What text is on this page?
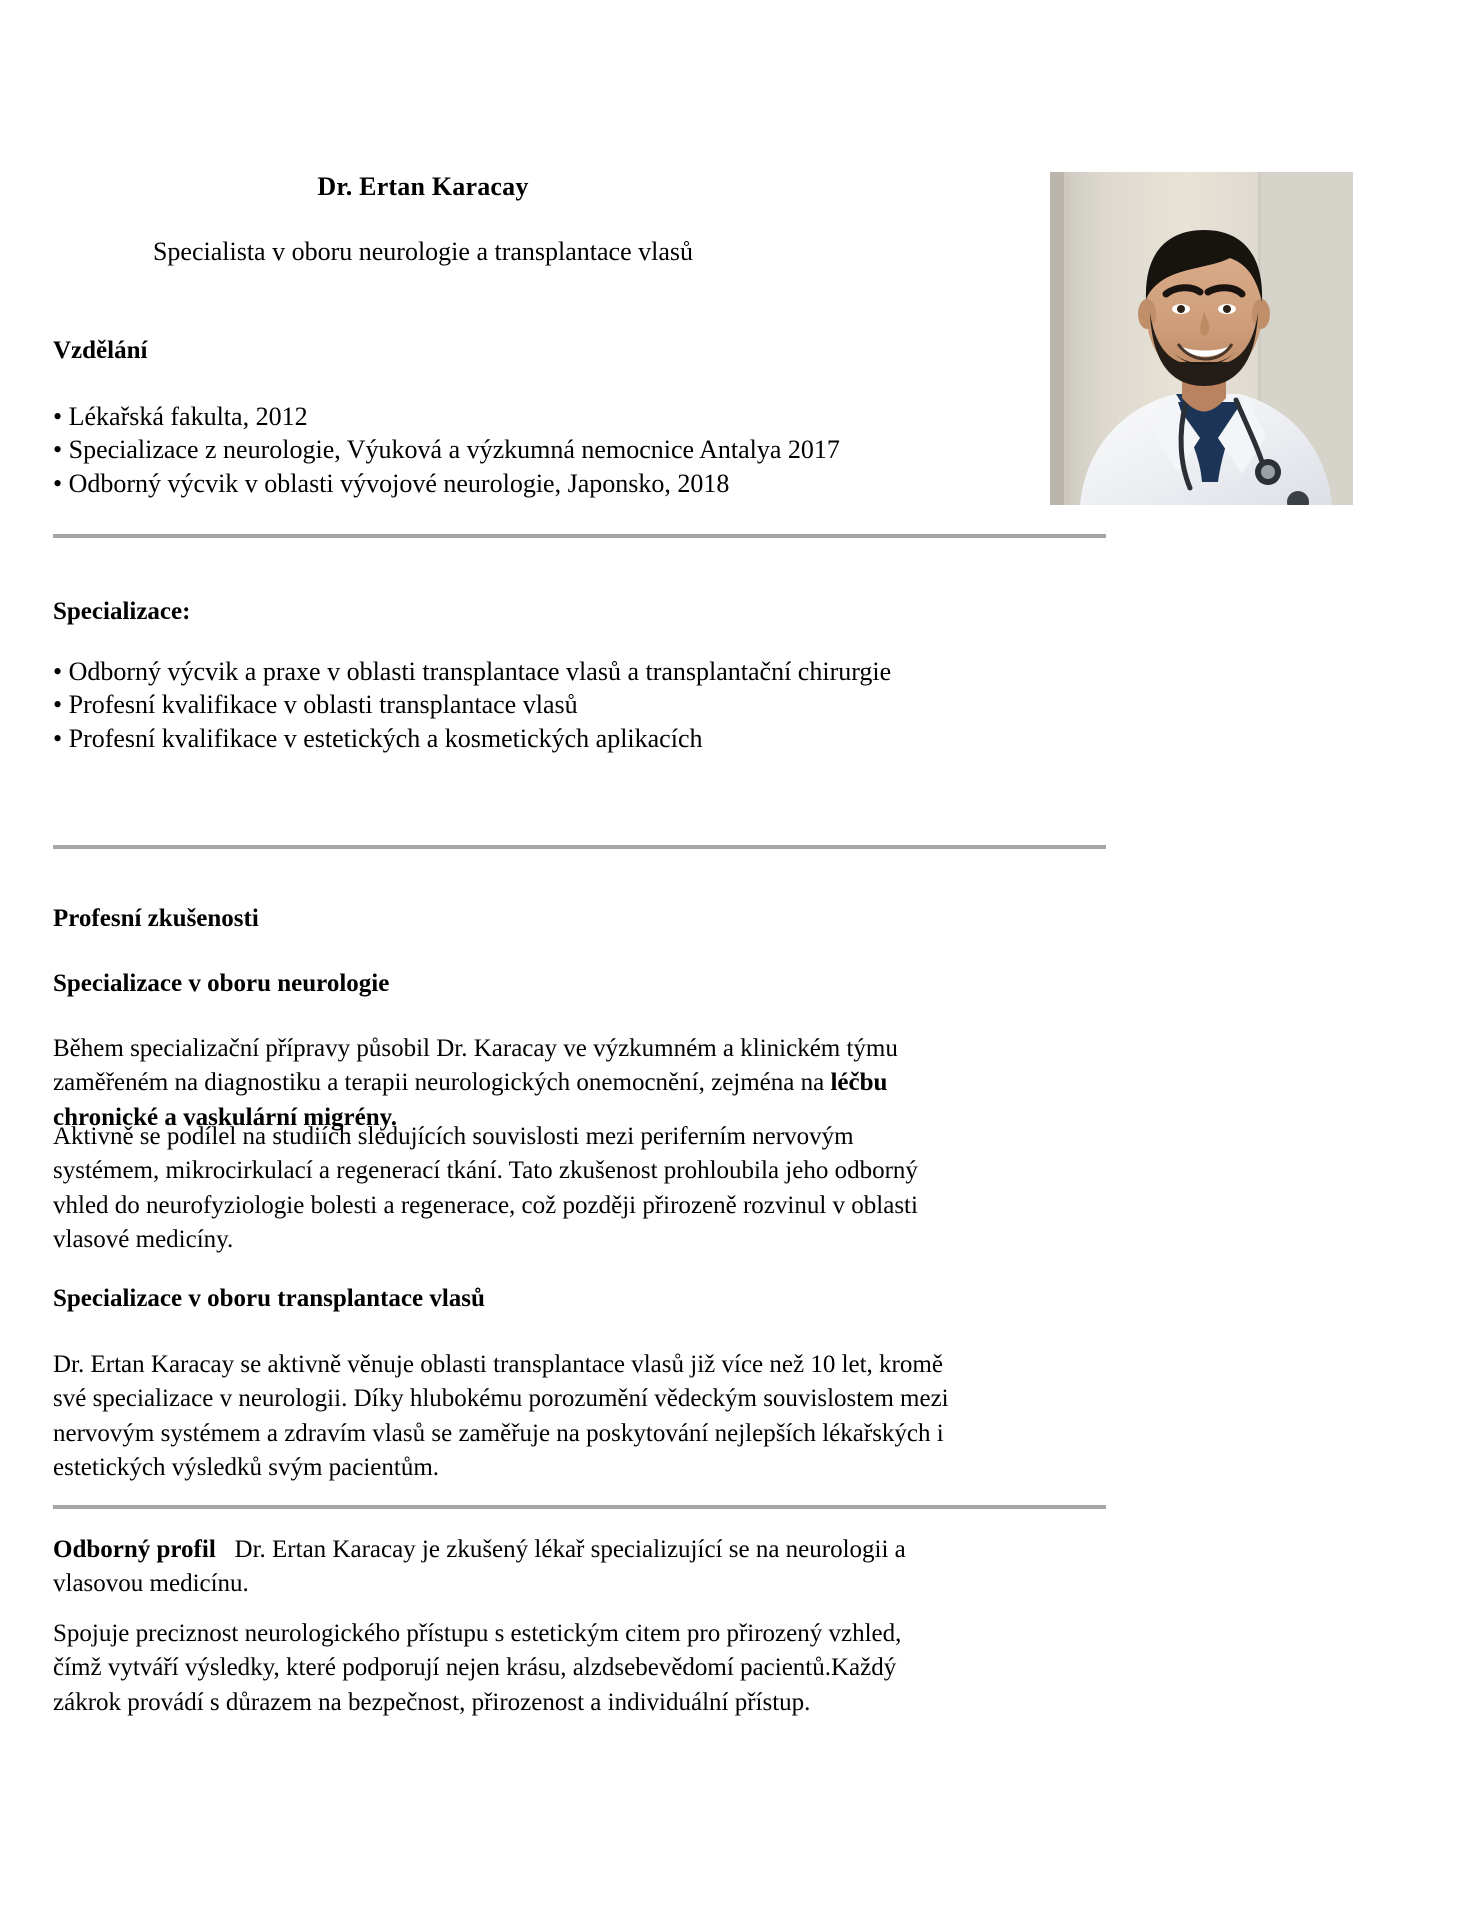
Dr. Ertan Karacay
Specialista v oboru neurologie a transplantace vlasů
Vzdělání

• Lékařská fakulta, 2012

• Specializace z neurologie, Výuková a výzkumná nemocnice Antalya 2017

• Odborný výcvik v oblasti vývojové neurologie, Japonsko, 2018

Specializace:

• Odborný výcvik a praxe v oblasti transplantace vlasů a transplantační chirurgie

• Profesní kvalifikace v oblasti transplantace vlasů

• Profesní kvalifikace v estetických a kosmetických aplikacích

Profesní zkušenosti
Specializace v oboru neurologie

Během specializační přípravy působil Dr. Karacay ve výzkumném a klinickém týmu zaměřeném na diagnostiku a terapii neurologických onemocnění, zejména na léčbu chronické a vaskulární migrény.

Aktivně se podílel na studiích sledujících souvislosti mezi periferním nervovým systémem, mikrocirkulací a regenerací tkání. Tato zkušenost prohloubila jeho odborný vhled do neurofyziologie bolesti a regenerace, což později přirozeně rozvinul v oblasti vlasové medicíny.

Specializace v oboru transplantace vlasů

Dr. Ertan Karacay se aktivně věnuje oblasti transplantace vlasů již více než 10 let, kromě své specializace v neurologii. Díky hlubokému porozumění vědeckým souvislostem mezi nervovým systémem a zdravím vlasů se zaměřuje na poskytování nejlepších lékařských i estetických výsledků svým pacientům.

Odborný profil   Dr. Ertan Karacay je zkušený lékař specializující se na neurologii a vlasovou medicínu.

Spojuje preciznost neurologického přístupu s estetickým citem pro přirozený vzhled, čímž vytváří výsledky, které podporují nejen krásu, alzdsebevědomí pacientů.Každý zákrok provádí s důrazem na bezpečnost, přirozenost a individuální přístup.
